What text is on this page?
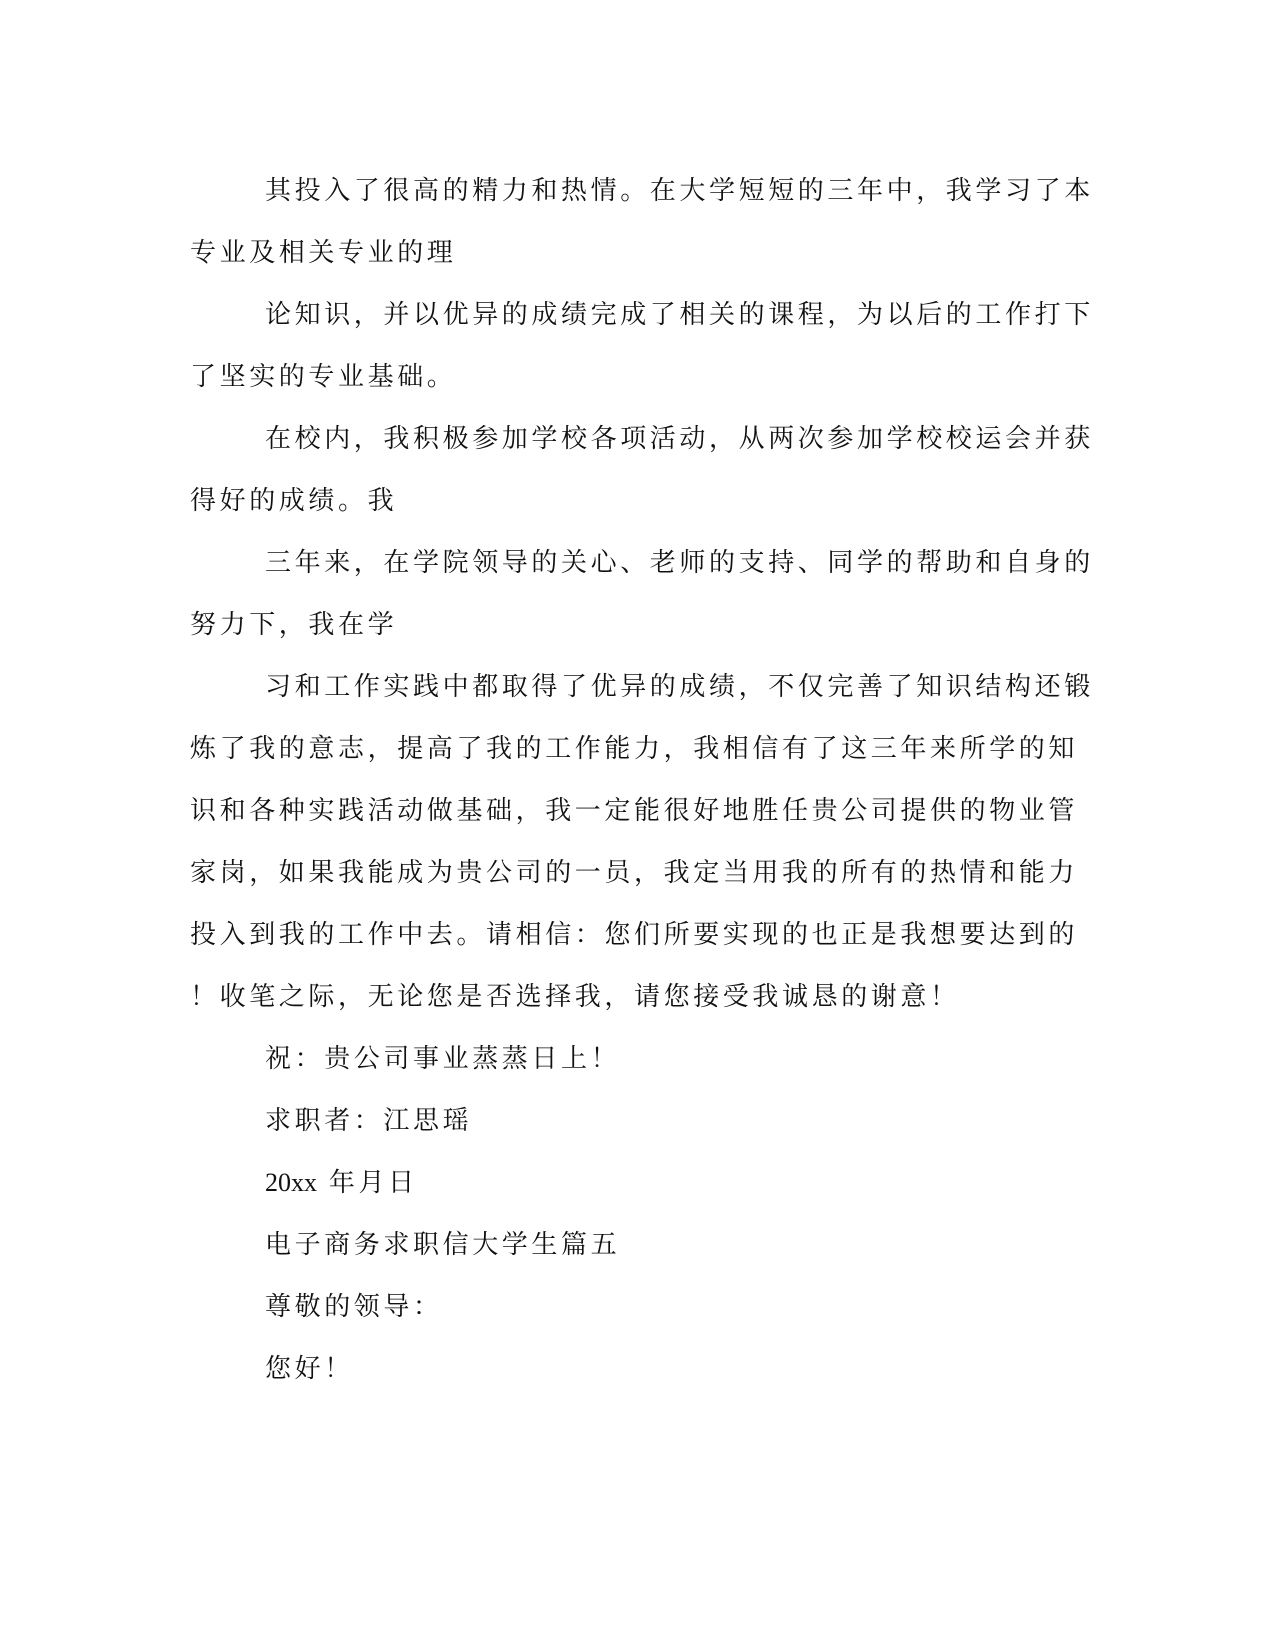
其投入了很高的精力和热情。在大学短短的三年中，我学习了本
专业及相关专业的理
论知识，并以优异的成绩完成了相关的课程，为以后的工作打下
了坚实的专业基础。
在校内，我积极参加学校各项活动，从两次参加学校校运会并获
得好的成绩。我
三年来，在学院领导的关心、老师的支持、同学的帮助和自身的
努力下，我在学
习和工作实践中都取得了优异的成绩，不仅完善了知识结构还锻
炼了我的意志，提高了我的工作能力，我相信有了这三年来所学的知
识和各种实践活动做基础，我一定能很好地胜任贵公司提供的物业管
家岗，如果我能成为贵公司的一员，我定当用我的所有的热情和能力
投入到我的工作中去。请相信：您们所要实现的也正是我想要达到的
！收笔之际，无论您是否选择我，请您接受我诚恳的谢意！
祝：贵公司事业蒸蒸日上！
求职者：江思瑶
20xx 年月日
电子商务求职信大学生篇五
尊敬的领导：
您好！
